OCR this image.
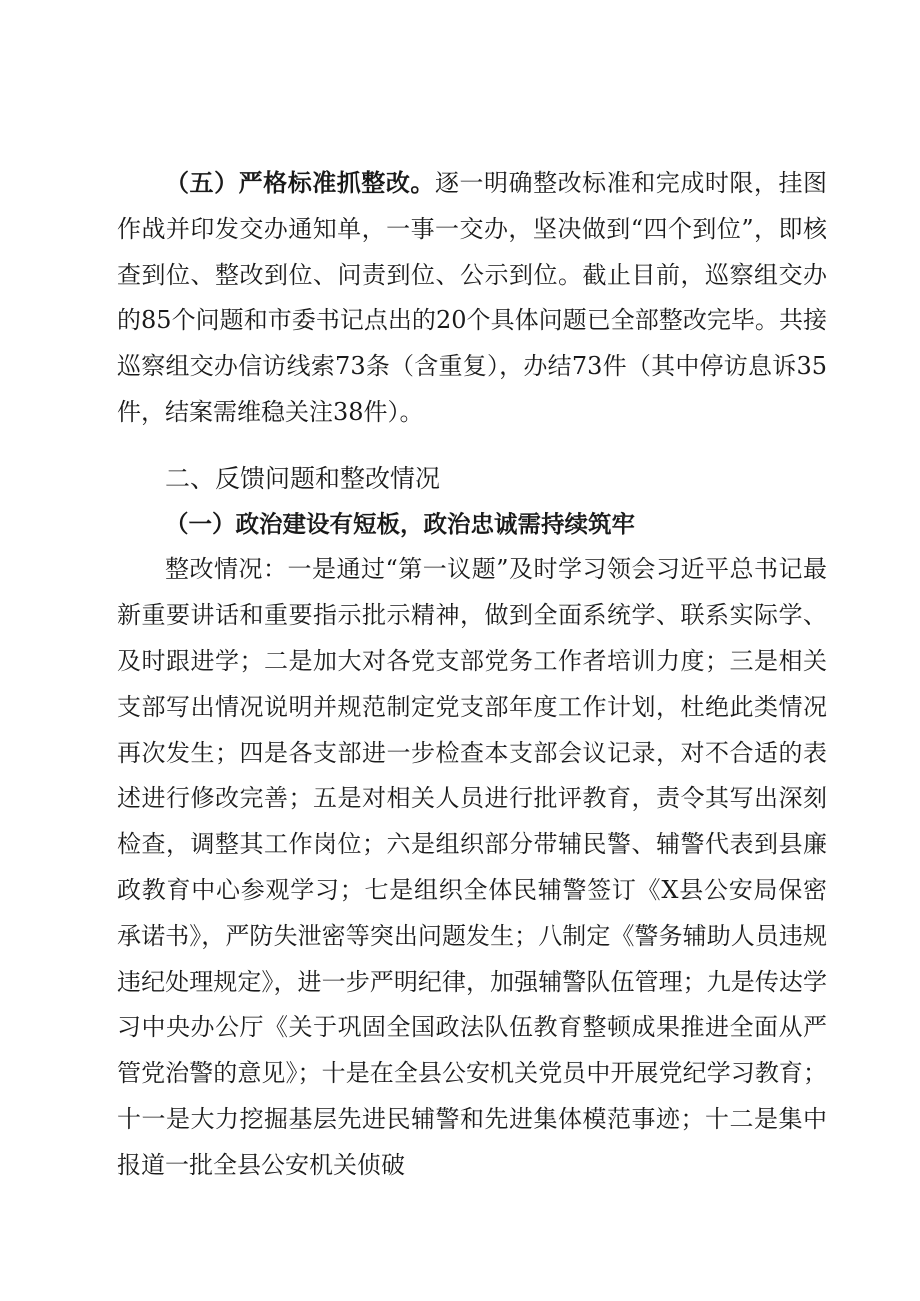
（五）严格标准抓整改。逐一明确整改标准和完成时限，挂图作战并印发交办通知单，一事一交办，坚决做到“四个到位”，即核查到位、整改到位、问责到位、公示到位。截止目前，巡察组交办的85个问题和市委书记点出的20个具体问题已全部整改完毕。共接巡察组交办信访线索73条（含重复），办结73件（其中停访息诉35件，结案需维稳关注38件）。

二、反馈问题和整改情况

（一）政治建设有短板，政治忠诚需持续筑牢

整改情况：一是通过“第一议题”及时学习领会习近平总书记最新重要讲话和重要指示批示精神，做到全面系统学、联系实际学、及时跟进学；二是加大对各党支部党务工作者培训力度；三是相关支部写出情况说明并规范制定党支部年度工作计划，杜绝此类情况再次发生；四是各支部进一步检查本支部会议记录，对不合适的表述进行修改完善；五是对相关人员进行批评教育，责令其写出深刻检查，调整其工作岗位；六是组织部分带辅民警、辅警代表到县廉政教育中心参观学习；七是组织全体民辅警签订《X县公安局保密承诺书》，严防失泄密等突出问题发生；八制定《警务辅助人员违规违纪处理规定》，进一步严明纪律，加强辅警队伍管理；九是传达学习中央办公厅《关于巩固全国政法队伍教育整顿成果推进全面从严管党治警的意见》；十是在全县公安机关党员中开展党纪学习教育；十一是大力挖掘基层先进民辅警和先进集体模范事迹；十二是集中报道一批全县公安机关侦破
